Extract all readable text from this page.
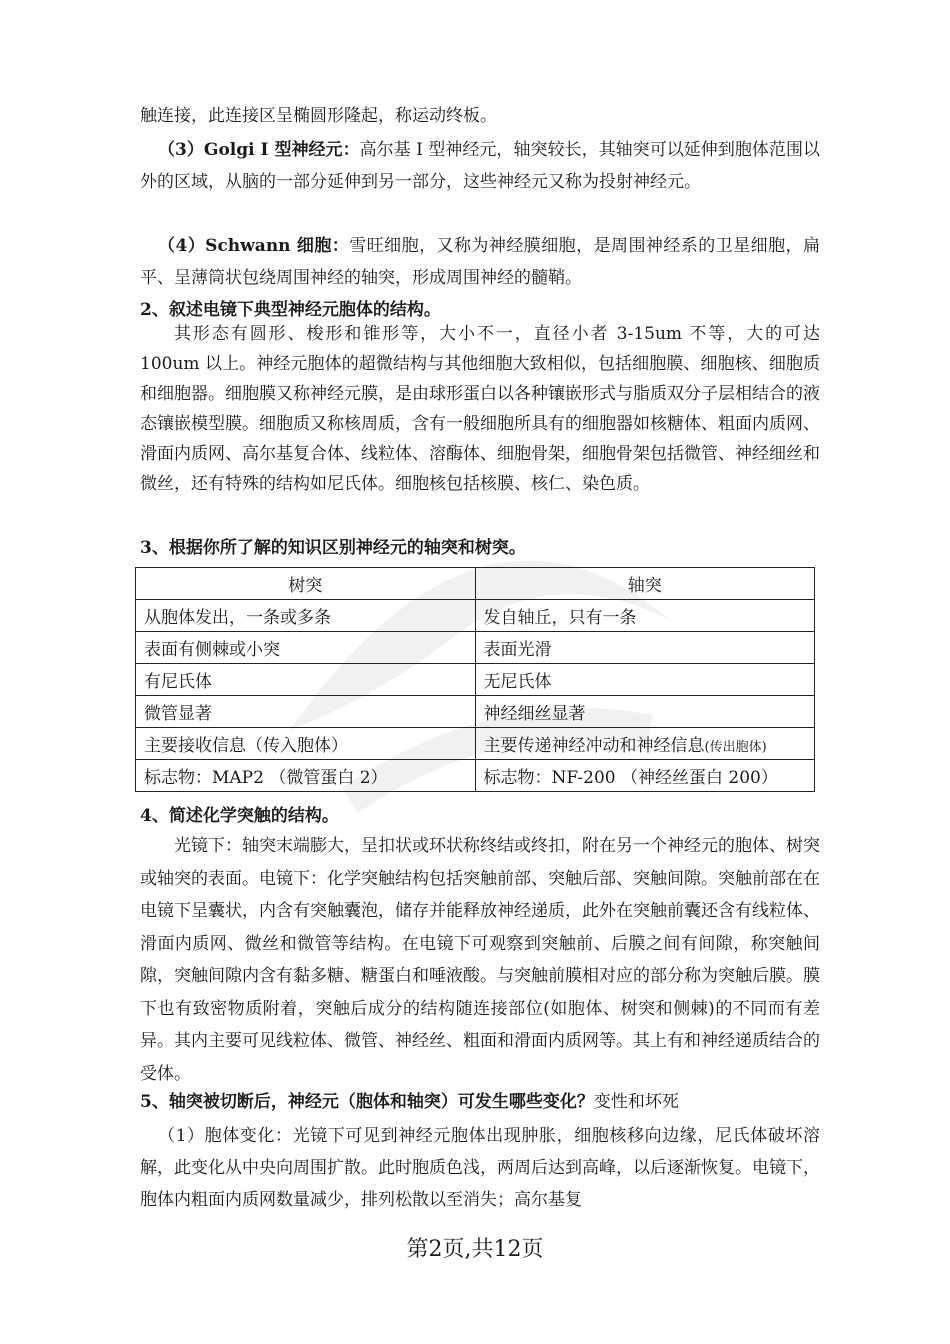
触连接，此连接区呈椭圆形隆起，称运动终板。

（3）Golgi I 型神经元：高尔基 I 型神经元，轴突较长，其轴突可以延伸到胞体范围以外的区域，从脑的一部分延伸到另一部分，这些神经元又称为投射神经元。

（4）Schwann 细胞：雪旺细胞，又称为神经膜细胞，是周围神经系的卫星细胞，扁平、呈薄筒状包绕周围神经的轴突，形成周围神经的髓鞘。

2、叙述电镜下典型神经元胞体的结构。

其形态有圆形、梭形和锥形等，大小不一，直径小者 3-15um 不等，大的可达 100um 以上。神经元胞体的超微结构与其他细胞大致相似，包括细胞膜、细胞核、细胞质和细胞器。细胞膜又称神经元膜，是由球形蛋白以各种镶嵌形式与脂质双分子层相结合的液态镶嵌模型膜。细胞质又称核周质，含有一般细胞所具有的细胞器如核糖体、粗面内质网、滑面内质网、高尔基复合体、线粒体、溶酶体、细胞骨架，细胞骨架包括微管、神经细丝和微丝，还有特殊的结构如尼氏体。细胞核包括核膜、核仁、染色质。

3、根据你所了解的知识区别神经元的轴突和树突。

树突	轴突
从胞体发出，一条或多条	发自轴丘，只有一条
表面有侧棘或小突	表面光滑
有尼氏体	无尼氏体
微管显著	神经细丝显著
主要接收信息（传入胞体）	主要传递神经冲动和神经信息(传出胞体)
标志物：MAP2 （微管蛋白 2）	标志物：NF-200 （神经丝蛋白 200）

4、简述化学突触的结构。

光镜下：轴突末端膨大，呈扣状或环状称终结或终扣，附在另一个神经元的胞体、树突或轴突的表面。电镜下：化学突触结构包括突触前部、突触后部、突触间隙。突触前部在在电镜下呈囊状，内含有突触囊泡，储存并能释放神经递质，此外在突触前囊还含有线粒体、滑面内质网、微丝和微管等结构。在电镜下可观察到突触前、后膜之间有间隙，称突触间隙，突触间隙内含有黏多糖、糖蛋白和唾液酸。与突触前膜相对应的部分称为突触后膜。膜下也有致密物质附着，突触后成分的结构随连接部位(如胞体、树突和侧棘)的不同而有差异。其内主要可见线粒体、微管、神经丝、粗面和滑面内质网等。其上有和神经递质结合的受体。

5、轴突被切断后，神经元（胞体和轴突）可发生哪些变化？变性和坏死

（1）胞体变化：光镜下可见到神经元胞体出现肿胀，细胞核移向边缘，尼氏体破坏溶解，此变化从中央向周围扩散。此时胞质色浅，两周后达到高峰，以后逐渐恢复。电镜下，胞体内粗面内质网数量减少，排列松散以至消失；高尔基复

第2页,共12页
